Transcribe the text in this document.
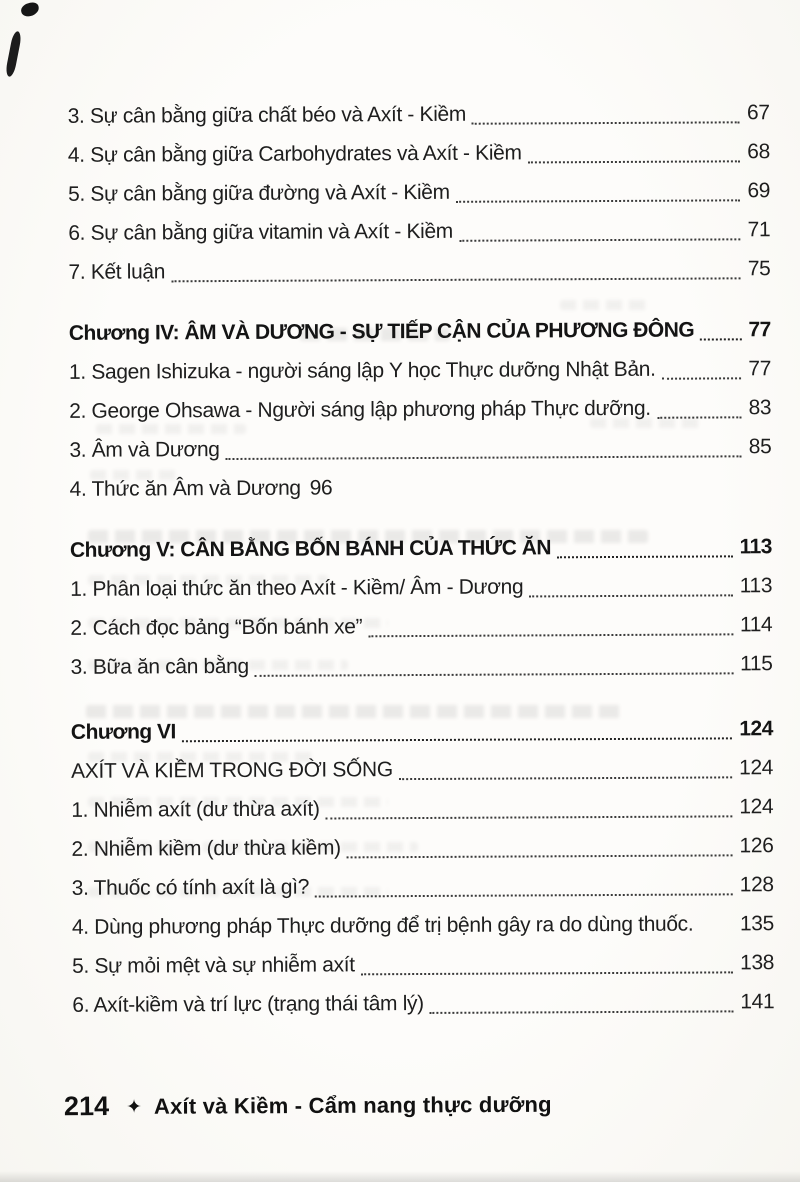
3. Sự cân bằng giữa chất béo và Axít - Kiềm	67
4. Sự cân bằng giữa Carbohydrates và Axít - Kiềm	68
5. Sự cân bằng giữa đường và Axít - Kiềm	69
6. Sự cân bằng giữa vitamin và Axít - Kiềm	71
7. Kết luận	75
Chương IV: ÂM VÀ DƯƠNG - SỰ TIẾP CẬN CỦA PHƯƠNG ĐÔNG	77
1. Sagen Ishizuka - người sáng lập Y học Thực dưỡng Nhật Bản.	77
2. George Ohsawa - Người sáng lập phương pháp Thực dưỡng.	83
3. Âm và Dương	85
4. Thức ăn Âm và Dương 96
Chương V: CÂN BẰNG BỐN BÁNH CỦA THỨC ĂN	113
1. Phân loại thức ăn theo Axít - Kiềm/ Âm - Dương	113
2. Cách đọc bảng “Bốn bánh xe”	114
3. Bữa ăn cân bằng	115
Chương VI	124
AXÍT VÀ KIỀM TRONG ĐỜI SỐNG	124
1. Nhiễm axít (dư thừa axít)	124
2. Nhiễm kiềm (dư thừa kiềm)	126
3. Thuốc có tính axít là gì?	128
4. Dùng phương pháp Thực dưỡng để trị bệnh gây ra do dùng thuốc. 135
5. Sự mỏi mệt và sự nhiễm axít	138
6. Axít-kiềm và trí lực (trạng thái tâm lý)	141
214 ✦ Axít và Kiềm - Cẩm nang thực dưỡng
